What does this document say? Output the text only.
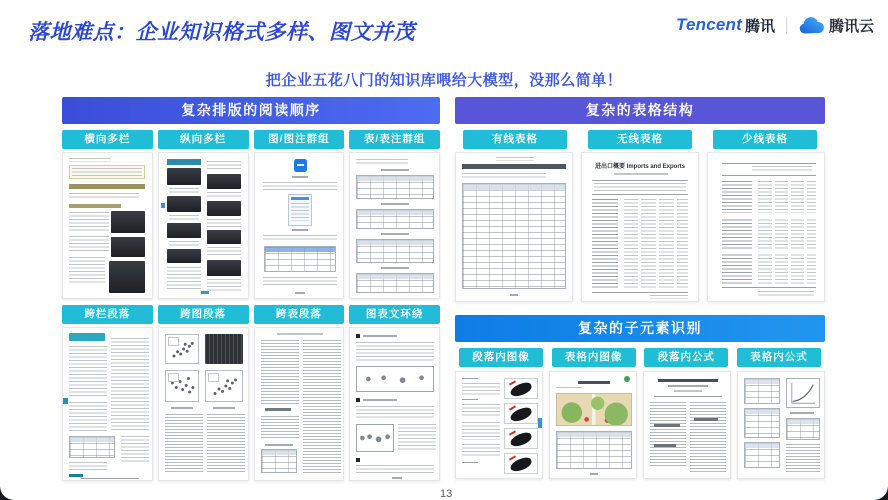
落地难点：企业知识格式多样、图文并茂	Tencent 腾讯	腾讯云
把企业五花八门的知识库喂给大模型，没那么简单！
复杂排版的阅读顺序
横向多栏	纵向多栏	图/图注群组	表/表注群组
跨栏段落	跨图段落	跨表段落	图表文环绕
复杂的表格结构
有线表格	无线表格	少线表格
进出口概要 Imports and Exports
复杂的子元素识别
段落内图像	表格内图像	段落内公式	表格内公式
13
